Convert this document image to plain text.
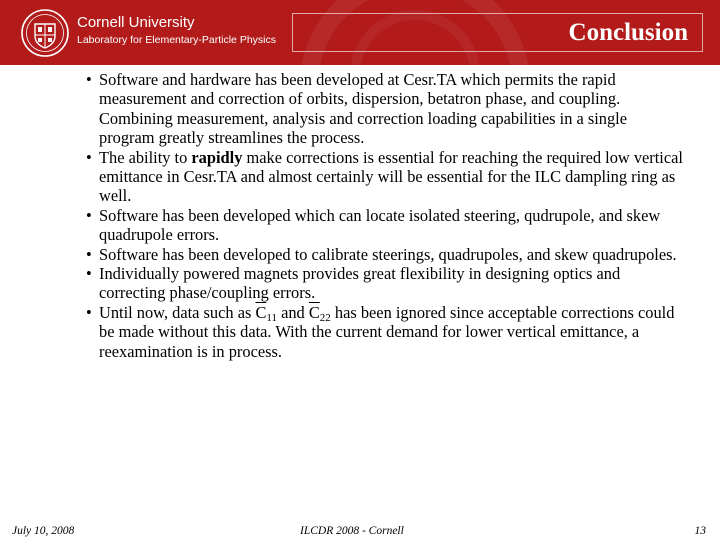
Cornell University
Laboratory for Elementary-Particle Physics	Conclusion
• Software and hardware has been developed at Cesr.TA which permits the rapid measurement and correction of orbits, dispersion, betatron phase, and coupling. Combining measurement, analysis and correction loading capabilities in a single program greatly streamlines the process.
• The ability to rapidly make corrections is essential for reaching the required low vertical emittance in Cesr.TA and almost certainly will be essential for the ILC dampling ring as well.
• Software has been developed which can locate isolated steering, qudrupole, and skew quadrupole errors.
• Software has been developed to calibrate steerings, quadrupoles, and skew quadrupoles.
• Individually powered magnets provides great flexibility in designing optics and correcting phase/coupling errors.
• Until now, data such as $\overline{C}_{11}$ and $\overline{C}_{22}$ has been ignored since acceptable corrections could be made without this data. With the current demand for lower vertical emittance, a reexamination is in process.
July 10, 2008	ILCDR 2008 - Cornell	13
